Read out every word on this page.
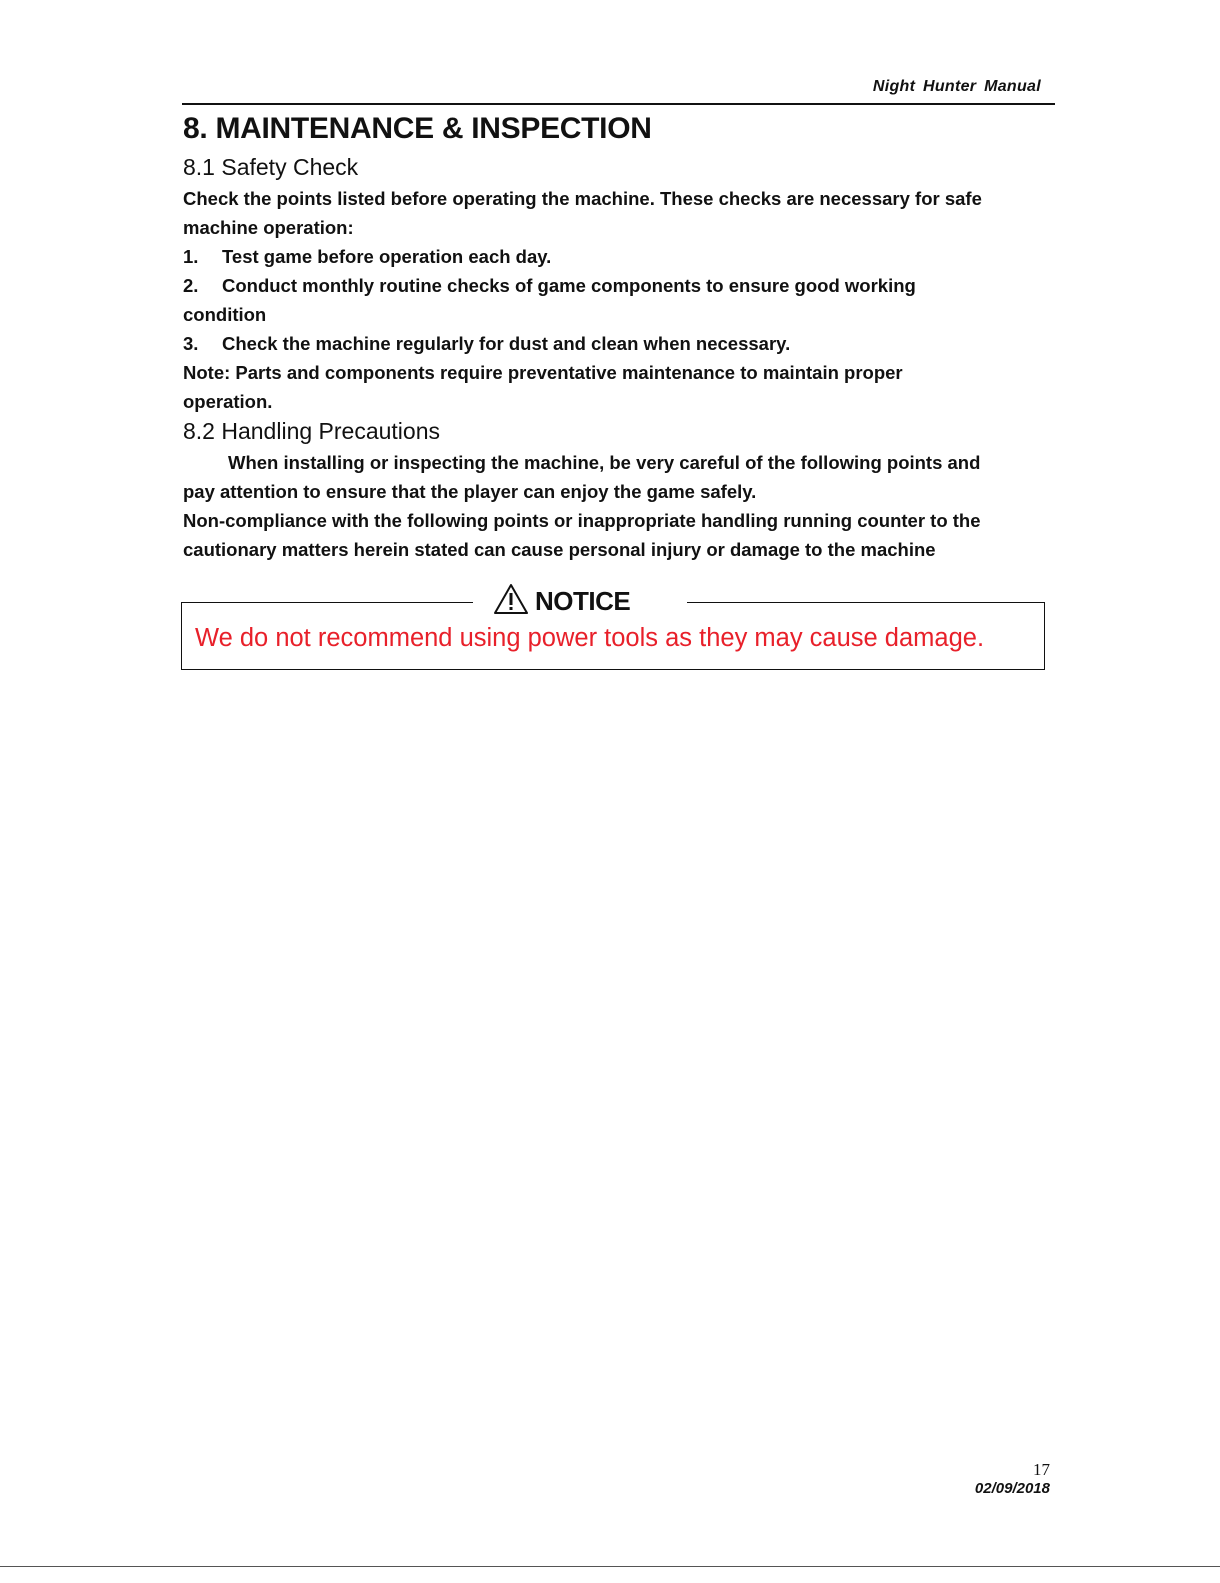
Night Hunter Manual
8. MAINTENANCE & INSPECTION
8.1 Safety Check
Check the points listed before operating the machine. These checks are necessary for safe
machine operation:
1. Test game before operation each day.
2. Conduct monthly routine checks of game components to ensure good working
condition
3. Check the machine regularly for dust and clean when necessary.
Note: Parts and components require preventative maintenance to maintain proper
operation.
8.2 Handling Precautions
When installing or inspecting the machine, be very careful of the following points and
pay attention to ensure that the player can enjoy the game safely.
Non-compliance with the following points or inappropriate handling running counter to the
cautionary matters herein stated can cause personal injury or damage to the machine
NOTICE
We do not recommend using power tools as they may cause damage.
17
02/09/2018
